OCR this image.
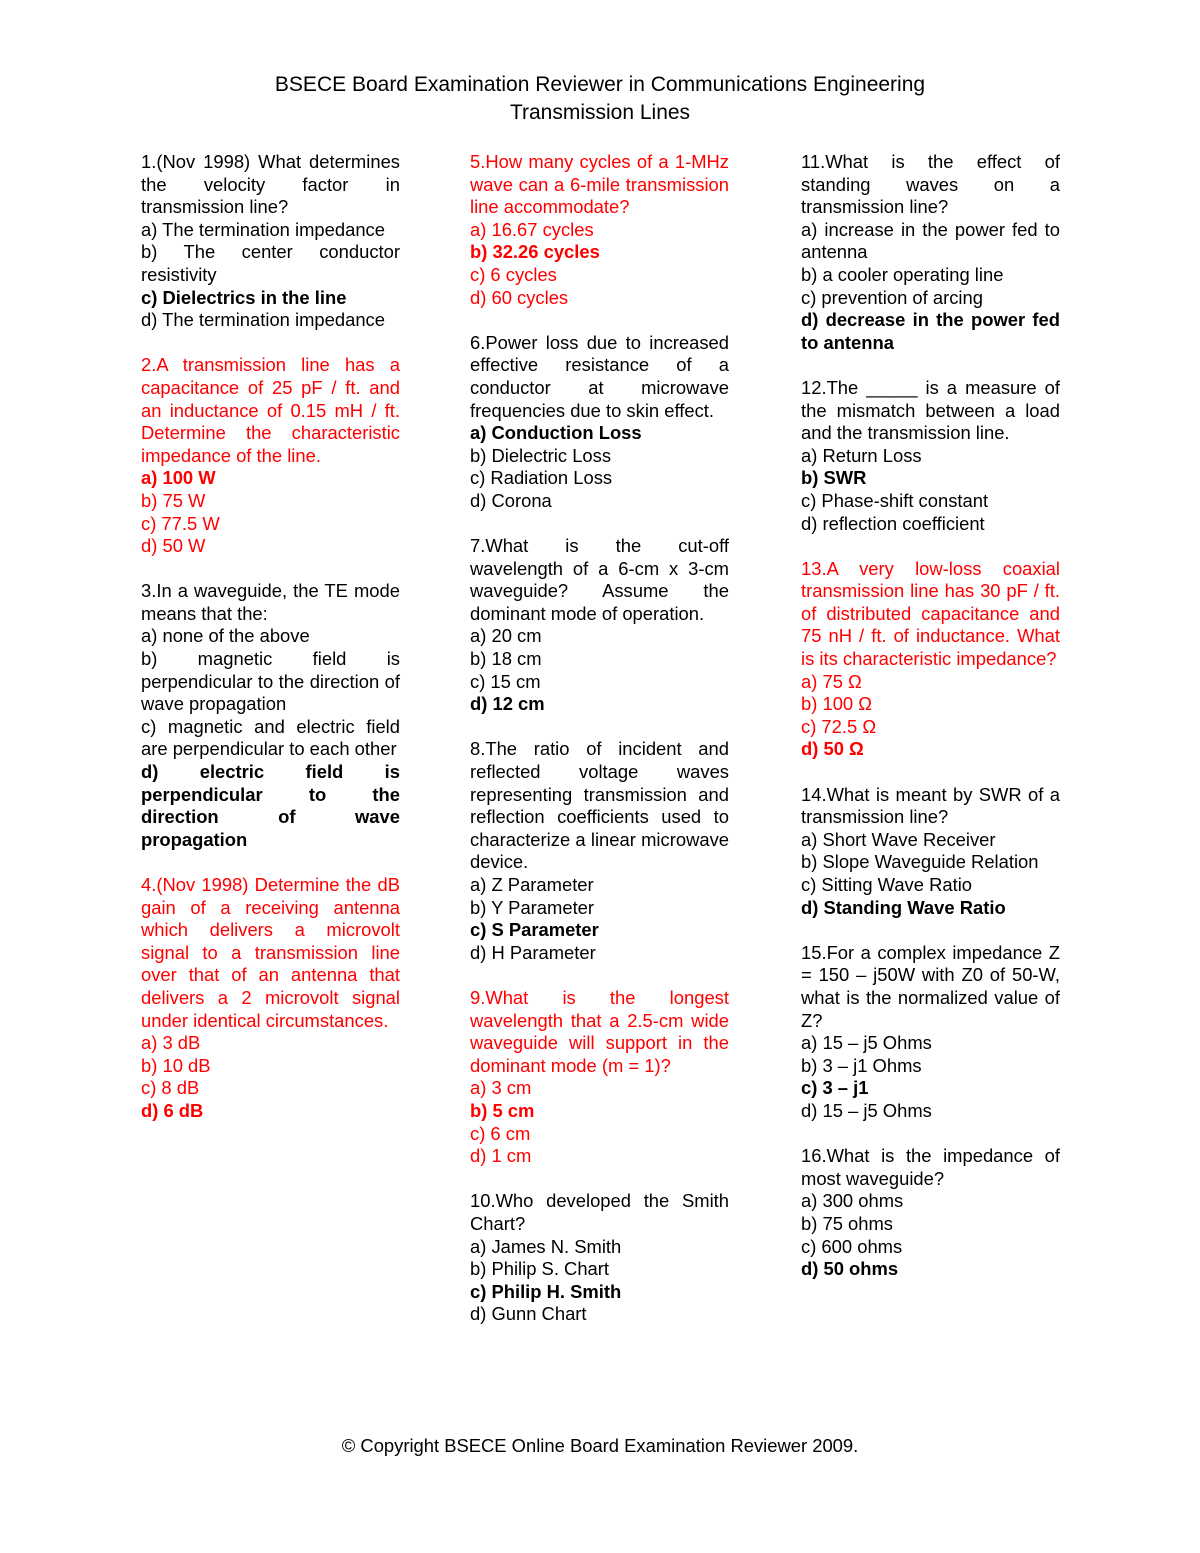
BSECE Board Examination Reviewer in Communications Engineering
Transmission Lines
1.(Nov 1998) What determines the velocity factor in transmission line?
a) The termination impedance
b) The center conductor resistivity
c) Dielectrics in the line
d) The termination impedance
2.A transmission line has a capacitance of 25 pF / ft. and an inductance of 0.15 mH / ft. Determine the characteristic impedance of the line.
a) 100 W
b) 75 W
c) 77.5 W
d) 50 W
3.In a waveguide, the TE mode means that the:
a) none of the above
b) magnetic field is perpendicular to the direction of wave propagation
c) magnetic and electric field are perpendicular to each other
d) electric field is perpendicular to the direction of wave propagation
4.(Nov 1998) Determine the dB gain of a receiving antenna which delivers a microvolt signal to a transmission line over that of an antenna that delivers a 2 microvolt signal under identical circumstances.
a) 3 dB
b) 10 dB
c) 8 dB
d) 6 dB
5.How many cycles of a 1-MHz wave can a 6-mile transmission line accommodate?
a) 16.67 cycles
b) 32.26 cycles
c) 6 cycles
d) 60 cycles
6.Power loss due to increased effective resistance of a conductor at microwave frequencies due to skin effect.
a) Conduction Loss
b) Dielectric Loss
c) Radiation Loss
d) Corona
7.What is the cut-off wavelength of a 6-cm x 3-cm waveguide? Assume the dominant mode of operation.
a) 20 cm
b) 18 cm
c) 15 cm
d) 12 cm
8.The ratio of incident and reflected voltage waves representing transmission and reflection coefficients used to characterize a linear microwave device.
a) Z Parameter
b) Y Parameter
c) S Parameter
d) H Parameter
9.What is the longest wavelength that a 2.5-cm wide waveguide will support in the dominant mode (m = 1)?
a) 3 cm
b) 5 cm
c) 6 cm
d) 1 cm
10.Who developed the Smith Chart?
a) James N. Smith
b) Philip S. Chart
c) Philip H. Smith
d) Gunn Chart
11.What is the effect of standing waves on a transmission line?
a) increase in the power fed to antenna
b) a cooler operating line
c) prevention of arcing
d) decrease in the power fed to antenna
12.The _____ is a measure of the mismatch between a load and the transmission line.
a) Return Loss
b) SWR
c) Phase-shift constant
d) reflection coefficient
13.A very low-loss coaxial transmission line has 30 pF / ft. of distributed capacitance and 75 nH / ft. of inductance. What is its characteristic impedance?
a) 75 Ω
b) 100 Ω
c) 72.5 Ω
d) 50 Ω
14.What is meant by SWR of a transmission line?
a) Short Wave Receiver
b) Slope Waveguide Relation
c) Sitting Wave Ratio
d) Standing Wave Ratio
15.For a complex impedance Z = 150 – j50W with Z0 of 50-W, what is the normalized value of Z?
a) 15 – j5 Ohms
b) 3 – j1 Ohms
c) 3 – j1
d) 15 – j5 Ohms
16.What is the impedance of most waveguide?
a) 300 ohms
b) 75 ohms
c) 600 ohms
d) 50 ohms
© Copyright BSECE Online Board Examination Reviewer 2009.
